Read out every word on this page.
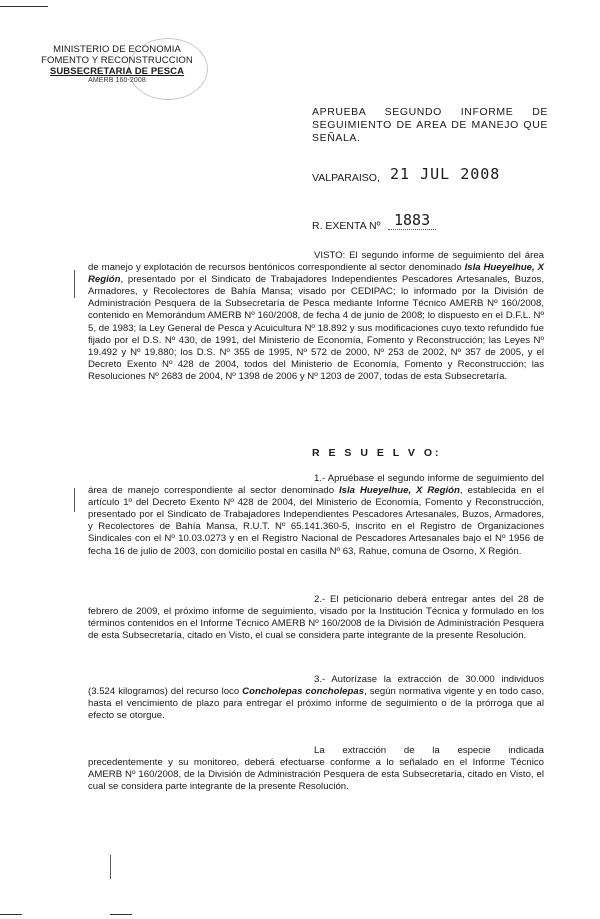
MINISTERIO DE ECONOMIA
FOMENTO Y RECONSTRUCCION
SUBSECRETARIA DE PESCA
AMERB 160-2008
APRUEBA SEGUNDO INFORME DE SEGUIMIENTO DE AREA DE MANEJO QUE SEÑALA.
VALPARAISO, 21 JUL 2008
R. EXENTA Nº 1883
VISTO: El segundo informe de seguimiento del área de manejo y explotación de recursos bentónicos correspondiente al sector denominado Isla Hueyelhue, X Región, presentado por el Sindicato de Trabajadores Independientes Pescadores Artesanales, Buzos, Armadores, y Recolectores de Bahía Mansa; visado por CEDIPAC; lo informado por la División de Administración Pesquera de la Subsecretaría de Pesca mediante Informe Técnico AMERB Nº 160/2008, contenido en Memorándum AMERB Nº 160/2008, de fecha 4 de junio de 2008; lo dispuesto en el D.F.L. Nº 5, de 1983; la Ley General de Pesca y Acuicultura Nº 18.892 y sus modificaciones cuyo texto refundido fue fijado por el D.S. Nº 430, de 1991, del Ministerio de Economía, Fomento y Reconstrucción; las Leyes Nº 19.492 y Nº 19.880; los D.S. Nº 355 de 1995, Nº 572 de 2000, Nº 253 de 2002, Nº 357 de 2005, y el Decreto Exento Nº 428 de 2004, todos del Ministerio de Economía, Fomento y Reconstrucción; las Resoluciones Nº 2683 de 2004, Nº 1398 de 2006 y Nº 1203 de 2007, todas de esta Subsecretaría.
R E S U E L V O:
1.- Apruébase el segundo informe de seguimiento del área de manejo correspondiente al sector denominado Isla Hueyelhue, X Región, establecida en el artículo 1º del Decreto Exento Nº 428 de 2004, del Ministerio de Economía, Fomento y Reconstrucción, presentado por el Sindicato de Trabajadores Independientes Pescadores Artesanales, Buzos, Armadores, y Recolectores de Bahía Mansa, R.U.T. Nº 65.141.360-5, inscrito en el Registro de Organizaciones Sindicales con el Nº 10.03.0273 y en el Registro Nacional de Pescadores Artesanales bajo el Nº 1956 de fecha 16 de julio de 2003, con domicilio postal en casilla Nº 63, Rahue, comuna de Osorno, X Región.
2.- El peticionario deberá entregar antes del 28 de febrero de 2009, el próximo informe de seguimiento, visado por la Institución Técnica y formulado en los términos contenidos en el Informe Técnico AMERB Nº 160/2008 de la División de Administración Pesquera de esta Subsecretaría, citado en Visto, el cual se considera parte integrante de la presente Resolución.
3.- Autorízase la extracción de 30.000 individuos (3.524 kilogramos) del recurso loco Concholepas concholepas, según normativa vigente y en todo caso, hasta el vencimiento de plazo para entregar el próximo informe de seguimiento o de la prórroga que al efecto se otorgue.
La extracción de la especie indicada precedentemente y su monitoreo, deberá efectuarse conforme a lo señalado en el Informe Técnico AMERB Nº 160/2008, de la División de Administración Pesquera de esta Subsecretaría, citado en Visto, el cual se considera parte integrante de la presente Resolución.
